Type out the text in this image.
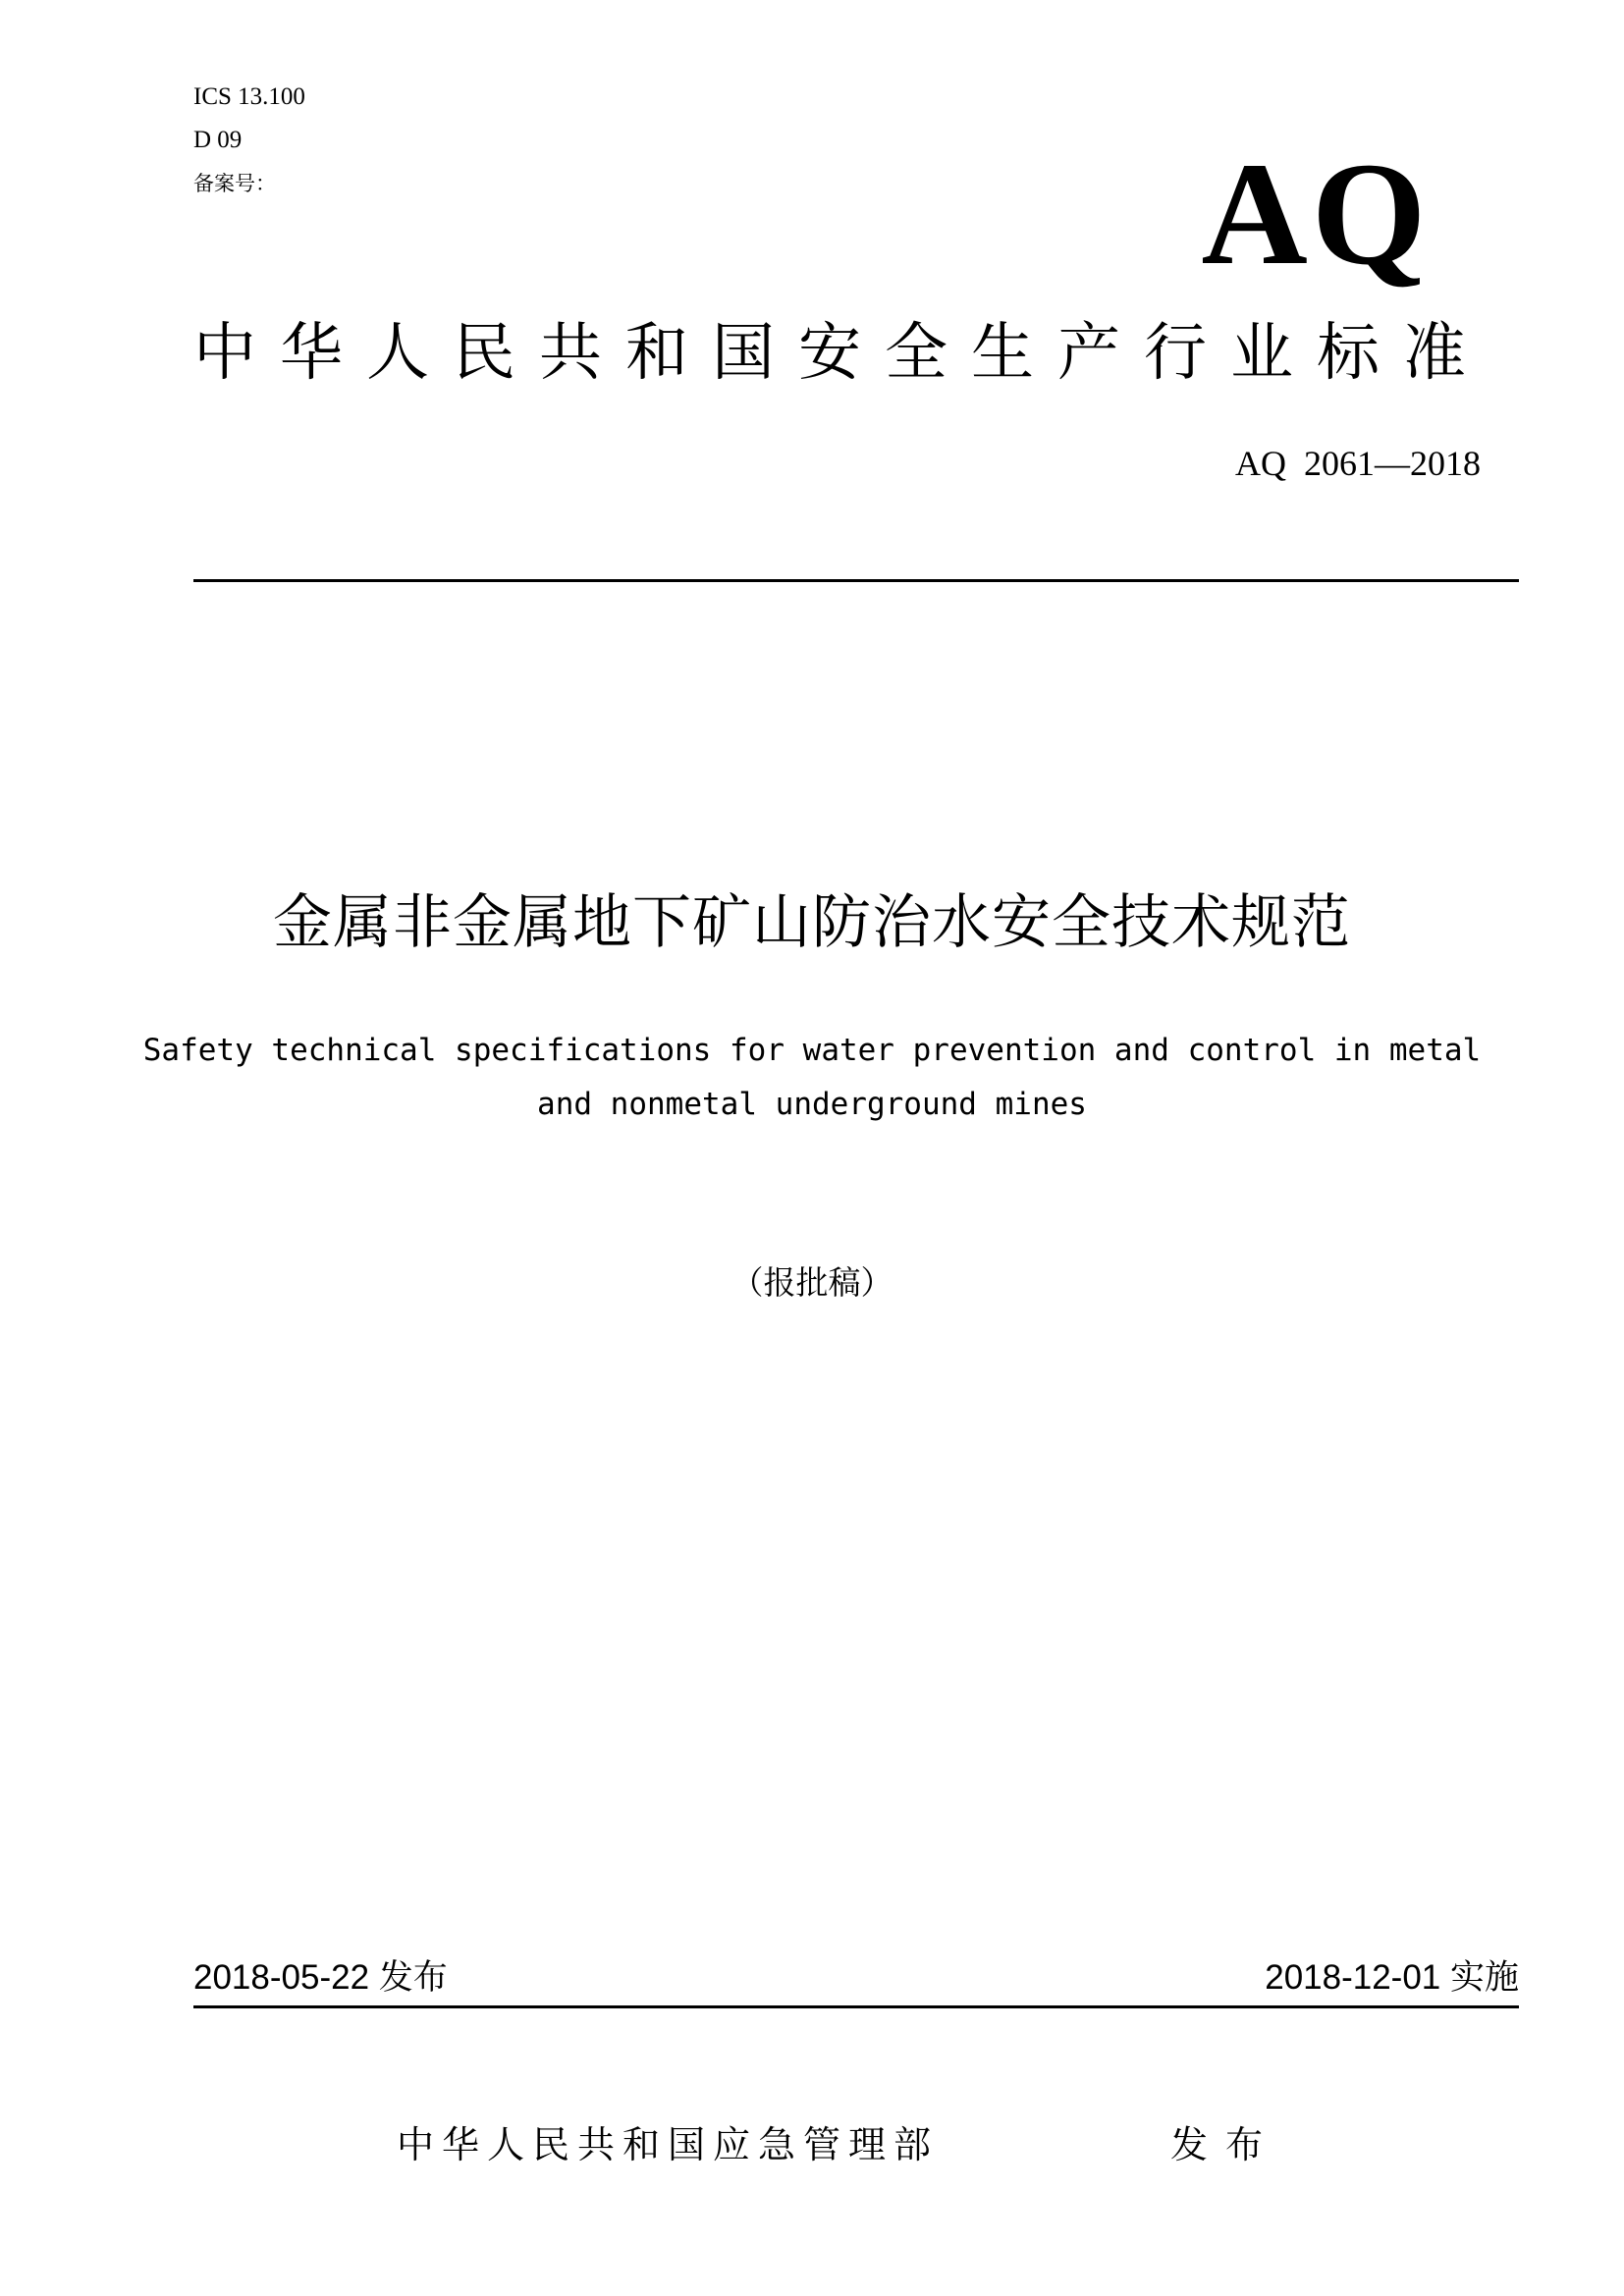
ICS 13.100
D 09
备案号：	AQ
中华人民共和国安全生产行业标准
AQ  2061—2018
金属非金属地下矿山防治水安全技术规范
Safety technical specifications for water prevention and control in metal
and nonmetal underground mines
（报批稿）
2018-05-22 发布	2018-12-01 实施
中华人民共和国应急管理部	发布
